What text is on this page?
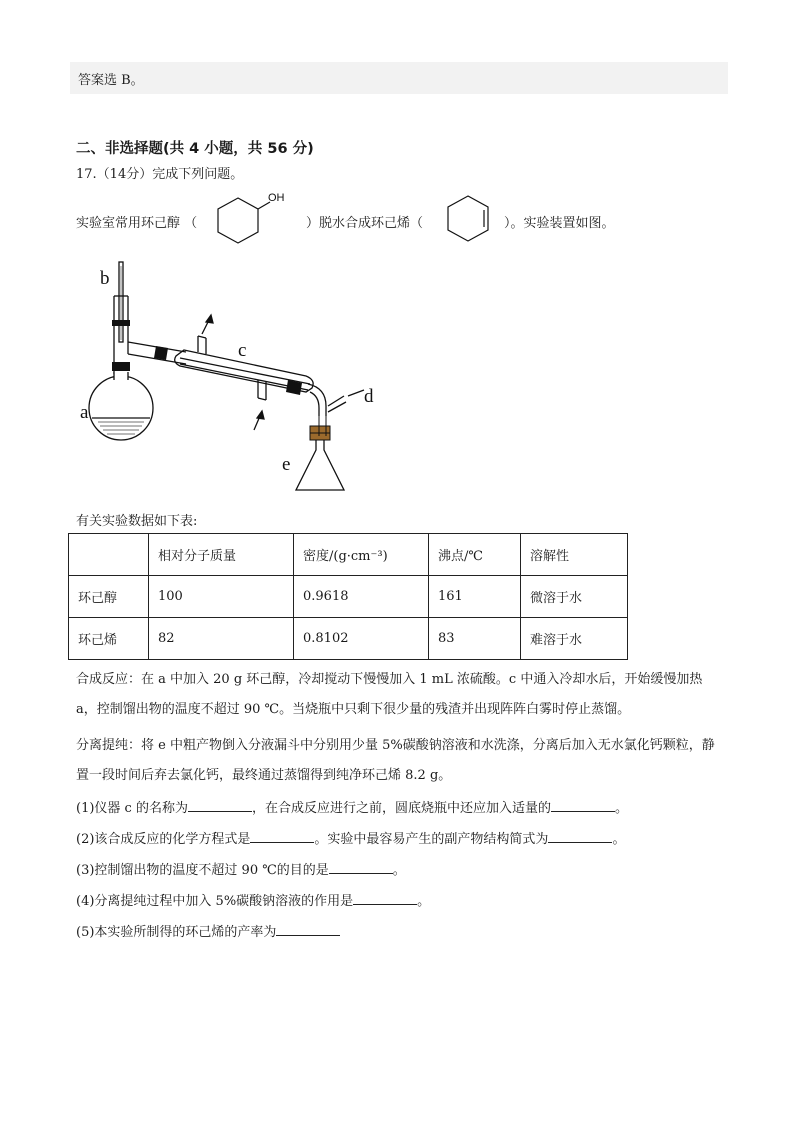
答案选 B。
二、非选择题(共 4 小题，共 56 分)
17.（14分）完成下列问题。
实验室常用环己醇 （
OH
）脱水合成环己烯（	）。实验装置如图。
b
c
a
d
e
有关实验数据如下表:
	相对分子质量	密度/(g·cm⁻³)	沸点/℃	溶解性
环己醇	100	0.9618	161	微溶于水
环己烯	82	0.8102	83	难溶于水
合成反应：在 a 中加入 20 g 环己醇，冷却搅动下慢慢加入 1 mL 浓硫酸。c 中通入冷却水后，开始缓慢加热 a，控制馏出物的温度不超过 90 ℃。当烧瓶中只剩下很少量的残渣并出现阵阵白雾时停止蒸馏。
分离提纯：将 e 中粗产物倒入分液漏斗中分别用少量 5%碳酸钠溶液和水洗涤，分离后加入无水氯化钙颗粒，静置一段时间后弃去氯化钙，最终通过蒸馏得到纯净环己烯 8.2 g。
(1)仪器 c 的名称为	，在合成反应进行之前，圆底烧瓶中还应加入适量的	。
(2)该合成反应的化学方程式是	。实验中最容易产生的副产物结构简式为	。
(3)控制馏出物的温度不超过 90 ℃的目的是	。
(4)分离提纯过程中加入 5%碳酸钠溶液的作用是	。
(5)本实验所制得的环己烯的产率为
